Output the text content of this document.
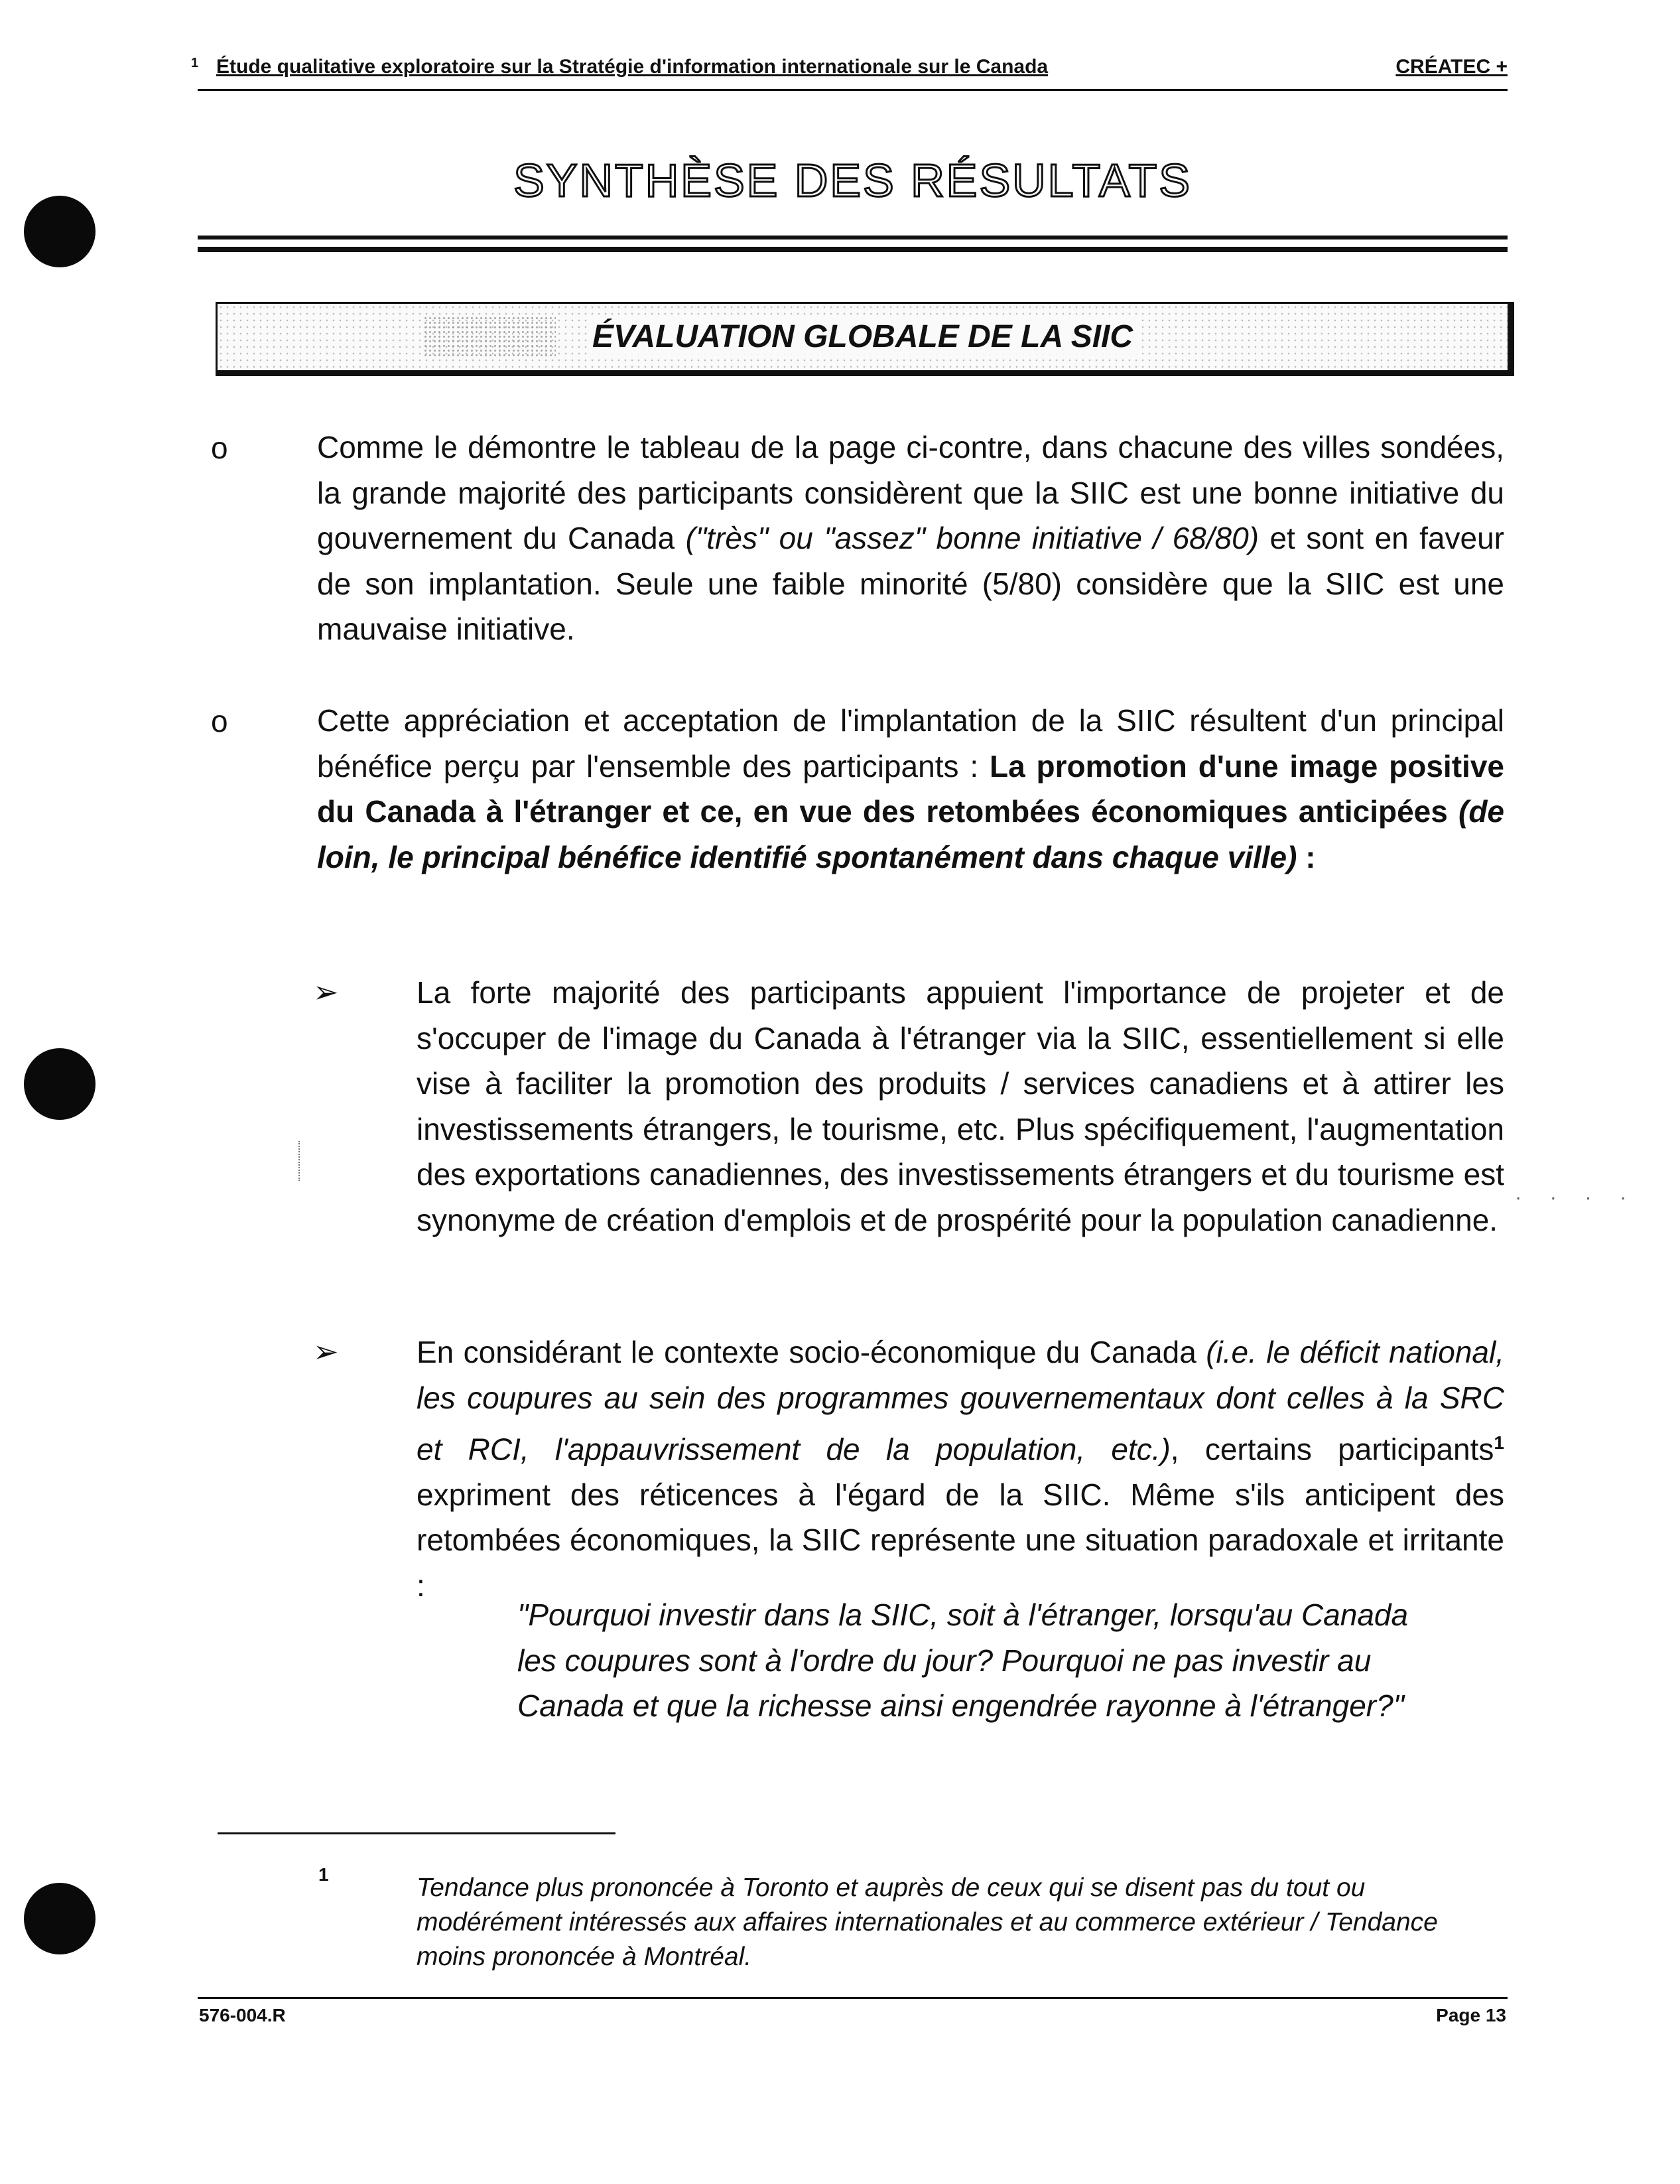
1 Étude qualitative exploratoire sur la Stratégie d'information internationale sur le Canada	CRÉATEC +
SYNTHÈSE DES RÉSULTATS
ÉVALUATION GLOBALE DE LA SIIC
o	Comme le démontre le tableau de la page ci-contre, dans chacune des villes sondées, la grande majorité des participants considèrent que la SIIC est une bonne initiative du gouvernement du Canada ("très" ou "assez" bonne initiative / 68/80) et sont en faveur de son implantation. Seule une faible minorité (5/80) considère que la SIIC est une mauvaise initiative.
o	Cette appréciation et acceptation de l'implantation de la SIIC résultent d'un principal bénéfice perçu par l'ensemble des participants : La promotion d'une image positive du Canada à l'étranger et ce, en vue des retombées économiques anticipées (de loin, le principal bénéfice identifié spontanément dans chaque ville) :
➢	La forte majorité des participants appuient l'importance de projeter et de s'occuper de l'image du Canada à l'étranger via la SIIC, essentiellement si elle vise à faciliter la promotion des produits / services canadiens et à attirer les investissements étrangers, le tourisme, etc. Plus spécifiquement, l'augmentation des exportations canadiennes, des investissements étrangers et du tourisme est synonyme de création d'emplois et de prospérité pour la population canadienne.
. . . .
➢	En considérant le contexte socio-économique du Canada (i.e. le déficit national, les coupures au sein des programmes gouvernementaux dont celles à la SRC et RCI, l'appauvrissement de la population, etc.), certains participants$^1$ expriment des réticences à l'égard de la SIIC. Même s'ils anticipent des retombées économiques, la SIIC représente une situation paradoxale et irritante :
"Pourquoi investir dans la SIIC, soit à l'étranger, lorsqu'au Canada les coupures sont à l'ordre du jour? Pourquoi ne pas investir au Canada et que la richesse ainsi engendrée rayonne à l'étranger?"
1	Tendance plus prononcée à Toronto et auprès de ceux qui se disent pas du tout ou modérément intéressés aux affaires internationales et au commerce extérieur / Tendance moins prononcée à Montréal.
576-004.R	Page 13
